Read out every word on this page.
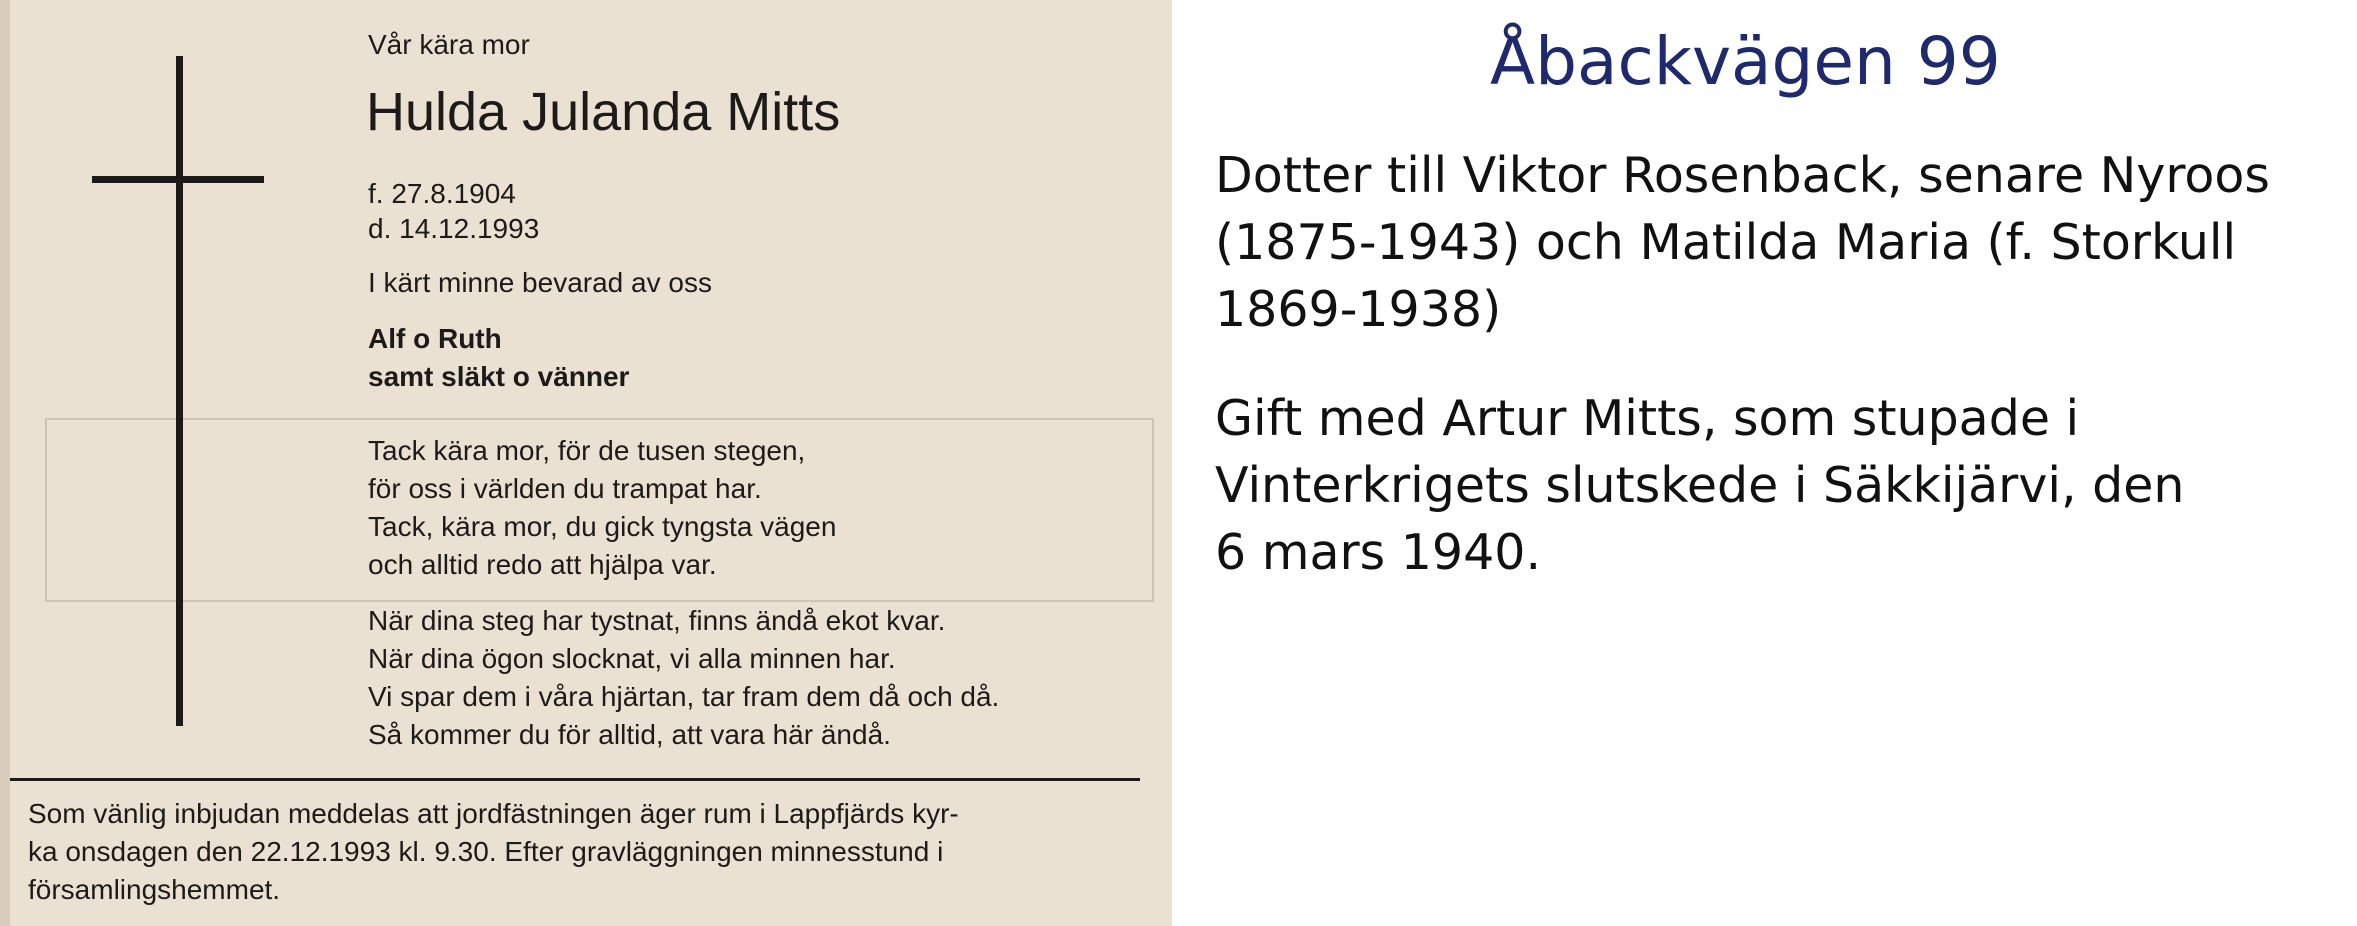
Vår kära mor
Hulda Julanda Mitts
f. 27.8.1904
d. 14.12.1993
I kärt minne bevarad av oss
Alf o Ruth
samt släkt o vänner
Tack kära mor, för de tusen stegen,
för oss i världen du trampat har.
Tack, kära mor, du gick tyngsta vägen
och alltid redo att hjälpa var.
När dina steg har tystnat, finns ändå ekot kvar.
När dina ögon slocknat, vi alla minnen har.
Vi spar dem i våra hjärtan, tar fram dem då och då.
Så kommer du för alltid, att vara här ändå.
Som vänlig inbjudan meddelas att jordfästningen äger rum i Lappfjärds kyr-
ka onsdagen den 22.12.1993 kl. 9.30. Efter gravläggningen minnesstund i
församlingshemmet.
Åbackvägen 99
Dotter till Viktor Rosenback, senare Nyroos
(1875-1943) och Matilda Maria (f. Storkull
1869-1938)
Gift med Artur Mitts, som stupade i
Vinterkrigets slutskede i Säkkijärvi, den
6 mars 1940.
